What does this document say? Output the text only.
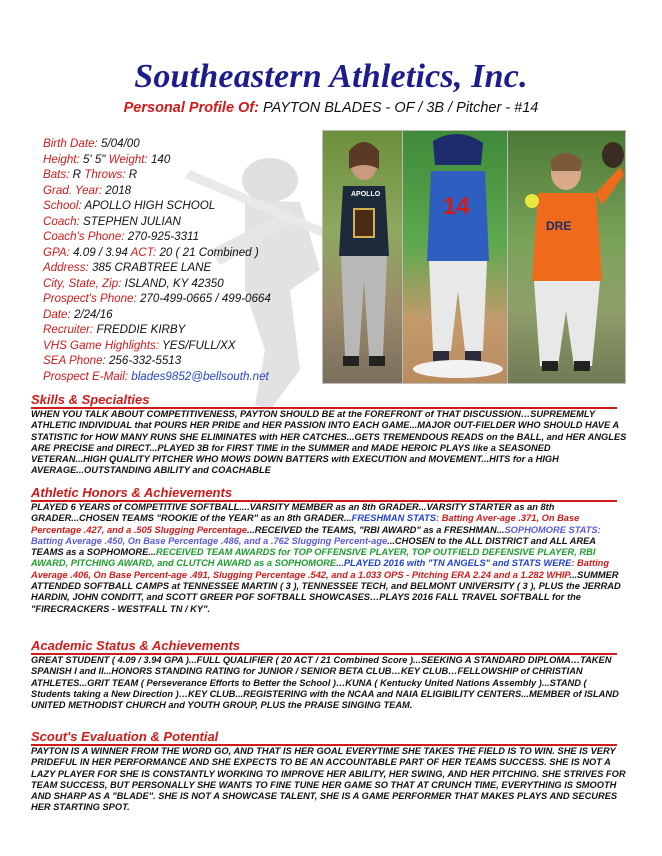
Southeastern Athletics, Inc.
Personal Profile Of: PAYTON BLADES - OF / 3B / Pitcher - #14
Birth Date: 5/04/00
Height: 5' 5" Weight: 140
Bats: R Throws: R
Grad. Year: 2018
School: APOLLO HIGH SCHOOL
Coach: STEPHEN JULIAN
Coach's Phone: 270-925-3311
GPA: 4.09 / 3.94 ACT: 20 ( 21 Combined )
Address: 385 CRABTREE LANE
City, State, Zip: ISLAND, KY 42350
Prospect's Phone: 270-499-0665 / 499-0664
Date: 2/24/16
Recruiter: FREDDIE KIRBY
VHS Game Highlights: YES/FULL/XX
SEA Phone: 256-332-5513
Prospect E-Mail: blades9852@bellsouth.net
APOLLO	14
DRE
Skills & Specialties
WHEN YOU TALK ABOUT COMPETITIVENESS, PAYTON SHOULD BE at the FOREFRONT of THAT DISCUSSION…SUPREMEMLY ATHLETIC INDIVIDUAL that POURS HER PRIDE and HER PASSION INTO EACH GAME...MAJOR OUT-FIELDER WHO SHOULD HAVE A STATISTIC for HOW MANY RUNS SHE ELIMINATES with HER CATCHES...GETS TREMENDOUS READS on the BALL, and HER ANGLES ARE PRECISE and DIRECT...PLAYED 3B for FIRST TIME in the SUMMER and MADE HEROIC PLAYS like a SEASONED VETERAN...HIGH QUALITY PITCHER WHO MOWS DOWN BATTERS with EXECUTION and MOVEMENT...HITS for a HIGH AVERAGE...OUTSTANDING ABILITY and COACHABLE
Athletic Honors & Achievements
PLAYED 6 YEARS of COMPETITIVE SOFTBALL....VARSITY MEMBER as an 8th GRADER...VARSITY STARTER as an 8th GRADER...CHOSEN TEAMS "ROOKIE of the YEAR" as an 8th GRADER...FRESHMAN STATS: Batting Aver-age .371, On Base Percentage .427, and a .505 Slugging Percentage...RECEIVED the TEAMS, "RBI AWARD" as a FRESHMAN...SOPHOMORE STATS: Batting Average .450, On Base Percentage .486, and a .762 Slugging Percent-age...CHOSEN to the ALL DISTRICT and ALL AREA TEAMS as a SOPHOMORE...RECEIVED TEAM AWARDS for TOP OFFENSIVE PLAYER, TOP OUTFIELD DEFENSIVE PLAYER, RBI AWARD, PITCHING AWARD, and CLUTCH AWARD as a SOPHOMORE...PLAYED 2016 with "TN ANGELS" and STATS WERE: Batting Average .406, On Base Percent-age .491, Slugging Percentage .542, and a 1.033 OPS - Pitching ERA 2.24 and a 1.282 WHIP...SUMMER ATTENDED SOFTBALL CAMPS at TENNESSEE MARTIN ( 3 ), TENNESSEE TECH, and BELMONT UNIVERSITY ( 3 ), PLUS the JERRAD HARDIN, JOHN CONDITT, and SCOTT GREER PGF SOFTBALL SHOWCASES…PLAYS 2016 FALL TRAVEL SOFTBALL for the "FIRECRACKERS - WESTFALL TN / KY".
Academic Status & Achievements
GREAT STUDENT ( 4.09 / 3.94 GPA )...FULL QUALIFIER ( 20 ACT / 21 Combined Score )...SEEKING A STANDARD DIPLOMA…TAKEN SPANISH I and II...HONORS STANDING RATING for JUNIOR / SENIOR BETA CLUB…KEY CLUB…FELLOWSHIP of CHRISTIAN ATHLETES...GRIT TEAM ( Perseverance Efforts to Better the School )…KUNA ( Kentucky United Nations Assembly )...STAND ( Students taking a New Direction )…KEY CLUB...REGISTERING with the NCAA and NAIA ELIGIBILITY CENTERS...MEMBER of ISLAND UNITED METHODIST CHURCH and YOUTH GROUP, PLUS the PRAISE SINGING TEAM.
Scout's Evaluation & Potential
PAYTON IS A WINNER FROM THE WORD GO, AND THAT IS HER GOAL EVERYTIME SHE TAKES THE FIELD IS TO WIN. SHE IS VERY PRIDEFUL IN HER PERFORMANCE AND SHE EXPECTS TO BE AN ACCOUNTABLE PART OF HER TEAMS SUCCESS. SHE IS NOT A LAZY PLAYER FOR SHE IS CONSTANTLY WORKING TO IMPROVE HER ABILITY, HER SWING, AND HER PITCHING. SHE STRIVES FOR TEAM SUCCESS, BUT PERSONALLY SHE WANTS TO FINE TUNE HER GAME SO THAT AT CRUNCH TIME, EVERYTHING IS SMOOTH AND SHARP AS A "BLADE". SHE IS NOT A SHOWCASE TALENT, SHE IS A GAME PERFORMER THAT MAKES PLAYS AND SECURES HER STARTING SPOT.
